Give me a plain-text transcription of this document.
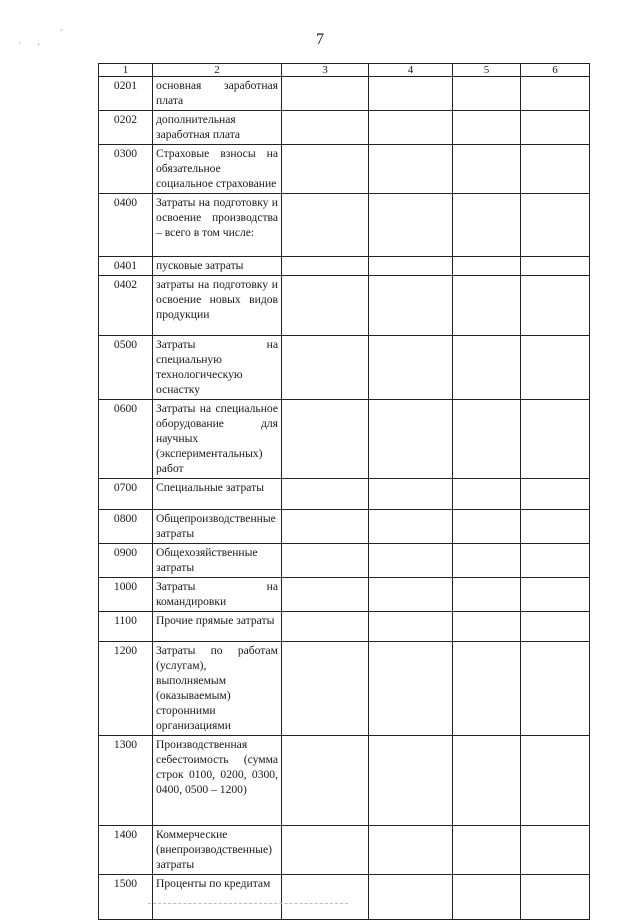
· '
`	7
1	2	3	4	5	6
0201	основная заработная плата				
0202	дополнительная заработная плата				
0300	Страховые взносы на обязательное социальное страхование				
0400	Затраты на подготовку и освоение производства – всего в том числе:				
0401	пусковые затраты				
0402	затраты на подготовку и освоение новых видов продукции				
0500	Затраты на специальную технологическую оснастку				
0600	Затраты на специальное оборудование для научных (экспериментальных) работ				
0700	Специальные затраты				
0800	Общепроизводственные затраты				
0900	Общехозяйственные затраты				
1000	Затраты на командировки				
1100	Прочие прямые затраты				
1200	Затраты по работам (услугам), выполняемым (оказываемым) сторонними организациями				
1300	Производственная себестоимость (сумма строк 0100, 0200, 0300, 0400, 0500 – 1200)				
1400	Коммерческие (внепроизводственные) затраты				
1500	Проценты по кредитам				
